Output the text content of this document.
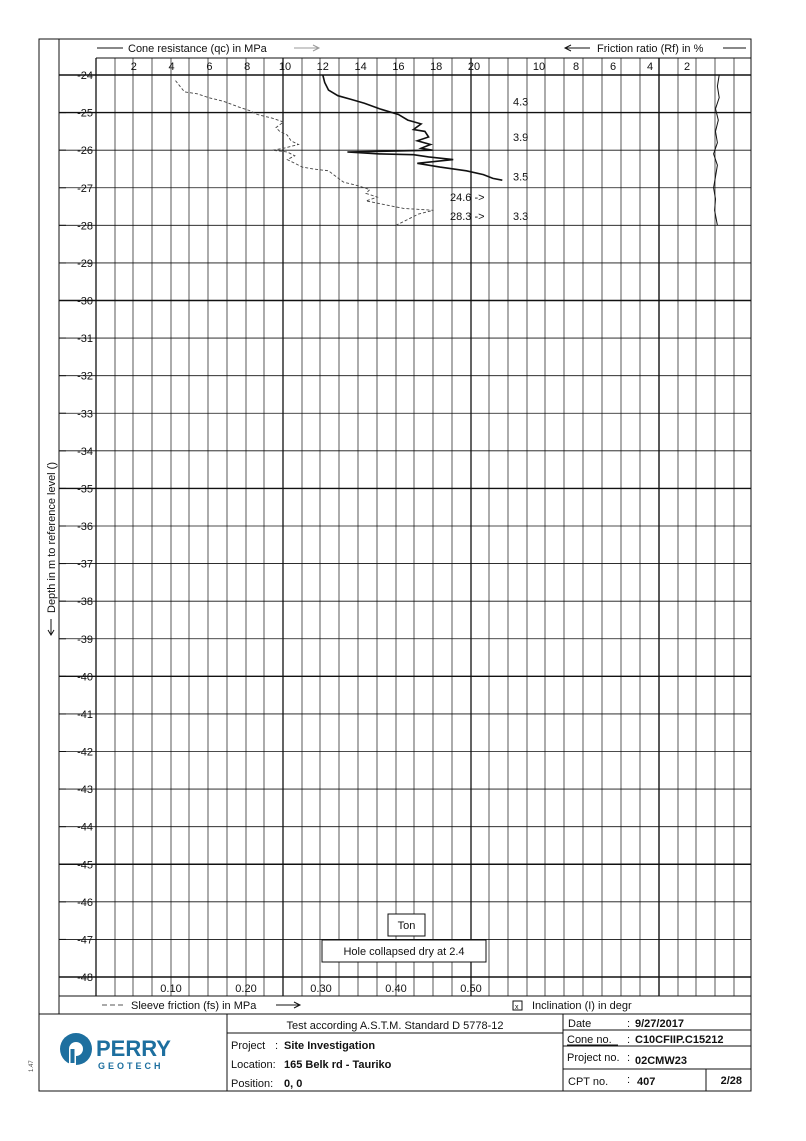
-24
-25
-26
-27
-28
-29
-30
-31
-32
-33
-34
-35
-36
-37
-38
-39
-40
-41
-42
-43
-44
-45
-46
-47
-48
2	4	6	8	10 12 14 16 18 20	10	8	6	4	2
0.10	0.20	0.30	0.40	0.50
4.3
3.9
3.5
3.3
24.6 ->
28.3 ->
Cone resistance (qc) in MPa	Friction ratio (Rf) in %
Depth in m to reference level ()
Sleeve friction (fs) in MPa	x Inclination (I) in degr
Ton
Hole collapsed dry at 2.4
Test according A.S.T.M. Standard D 5778-12
Project : Site Investigation
Location: 165 Belk rd - Tauriko
Position: 0, 0
Date	: 9/27/2017
Cone no. : C10CFIIP.C15212
Project no. : 02CMW23
CPT no. : 407	2/28
PERRY
GEOTECH
1.47
